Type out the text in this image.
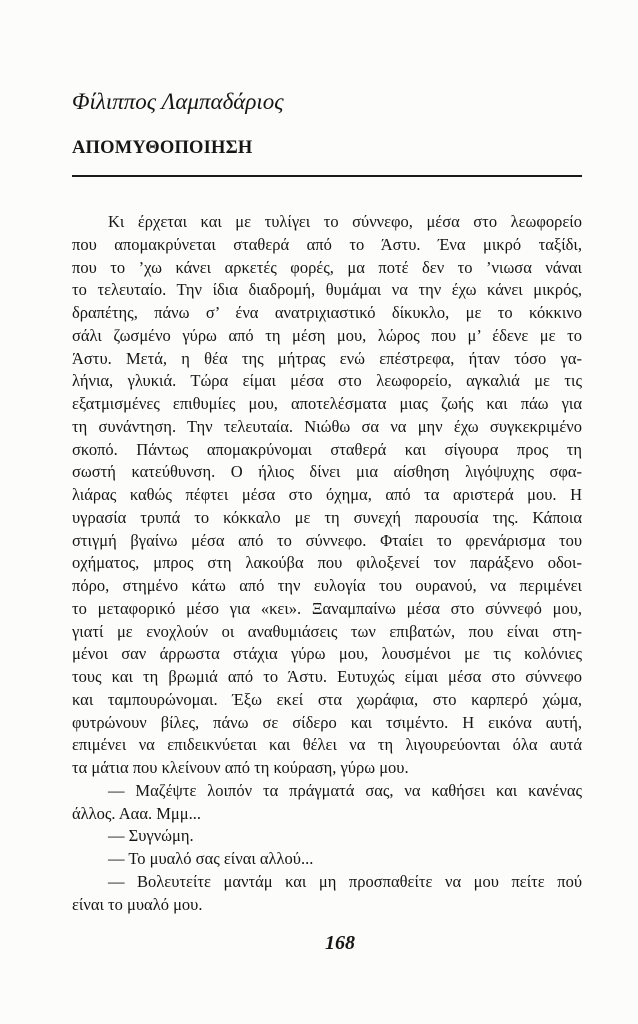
Φίλιππος Λαμπαδάριος
ΑΠΟΜΥΘΟΠΟΙΗΣΗ
Κι έρχεται και με τυλίγει το σύννεφο, μέσα στο λεωφορείο
που απομακρύνεται σταθερά από το Άστυ. Ένα μικρό ταξίδι,
που το ’χω κάνει αρκετές φορές, μα ποτέ δεν το ’νιωσα νάναι
το τελευταίο. Την ίδια διαδρομή, θυμάμαι να την έχω κάνει μικρός,
δραπέτης, πάνω σ’ ένα ανατριχιαστικό δίκυκλο, με το κόκκινο
σάλι ζωσμένο γύρω από τη μέση μου, λώρος που μ’ έδενε με το
Άστυ. Μετά, η θέα της μήτρας ενώ επέστρεφα, ήταν τόσο γα-
λήνια, γλυκιά. Τώρα είμαι μέσα στο λεωφορείο, αγκαλιά με τις
εξατμισμένες επιθυμίες μου, αποτελέσματα μιας ζωής και πάω για
τη συνάντηση. Την τελευταία. Νιώθω σα να μην έχω συγκεκριμένο
σκοπό. Πάντως απομακρύνομαι σταθερά και σίγουρα προς τη
σωστή κατεύθυνση. Ο ήλιος δίνει μια αίσθηση λιγόψυχης σφα-
λιάρας καθώς πέφτει μέσα στο όχημα, από τα αριστερά μου. Η
υγρασία τρυπά το κόκκαλο με τη συνεχή παρουσία της. Κάποια
στιγμή βγαίνω μέσα από το σύννεφο. Φταίει το φρενάρισμα του
οχήματος, μπρος στη λακούβα που φιλοξενεί τον παράξενο οδοι-
πόρο, στημένο κάτω από την ευλογία του ουρανού, να περιμένει
το μεταφορικό μέσο για «κει». Ξαναμπαίνω μέσα στο σύννεφό μου,
γιατί με ενοχλούν οι αναθυμιάσεις των επιβατών, που είναι στη-
μένοι σαν άρρωστα στάχια γύρω μου, λουσμένοι με τις κολόνιες
τους και τη βρωμιά από το Άστυ. Ευτυχώς είμαι μέσα στο σύννεφο
και ταμπουρώνομαι. Έξω εκεί στα χωράφια, στο καρπερό χώμα,
φυτρώνουν βίλες, πάνω σε σίδερο και τσιμέντο. Η εικόνα αυτή,
επιμένει να επιδεικνύεται και θέλει να τη λιγουρεύονται όλα αυτά
τα μάτια που κλείνουν από τη κούραση, γύρω μου.
— Μαζέψτε λοιπόν τα πράγματά σας, να καθήσει και κανένας
άλλος. Ααα. Μμμ...
— Συγνώμη.
— Το μυαλό σας είναι αλλού...
— Βολευτείτε μαντάμ και μη προσπαθείτε να μου πείτε πού
είναι το μυαλό μου.
168
